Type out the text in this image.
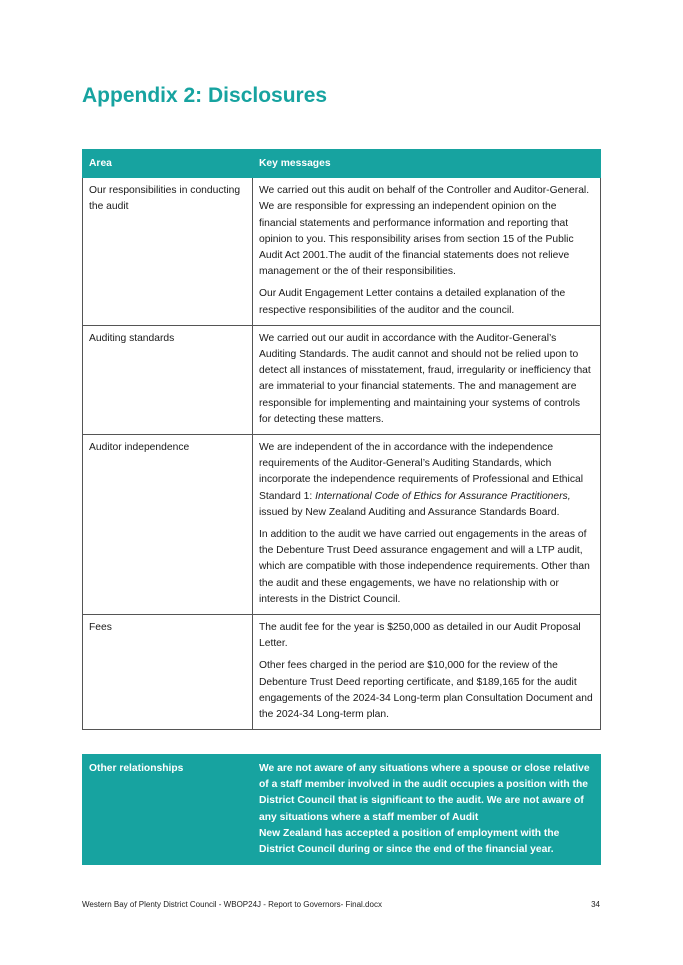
Appendix 2: Disclosures
Area	Key messages
Our responsibilities in conducting the audit	We carried out this audit on behalf of the Controller and Auditor-General. We are responsible for expressing an independent opinion on the financial statements and performance information and reporting that opinion to you. This responsibility arises from section 15 of the Public Audit Act 2001.The audit of the financial statements does not relieve management or the of their responsibilities.

Our Audit Engagement Letter contains a detailed explanation of the respective responsibilities of the auditor and the council.

Auditing standards	We carried out our audit in accordance with the Auditor-General’s Auditing Standards. The audit cannot and should not be relied upon to detect all instances of misstatement, fraud, irregularity or inefficiency that are immaterial to your financial statements. The and management are responsible for implementing and maintaining your systems of controls for detecting these matters.

Auditor independence	We are independent of the in accordance with the independence requirements of the Auditor-General’s Auditing Standards, which incorporate the independence requirements of Professional and Ethical Standard 1: International Code of Ethics for Assurance Practitioners, issued by New Zealand Auditing and Assurance Standards Board.

In addition to the audit we have carried out engagements in the areas of the Debenture Trust Deed assurance engagement and will a LTP audit, which are compatible with those independence requirements. Other than the audit and these engagements, we have no relationship with or interests in the District Council.

Fees	The audit fee for the year is $250,000 as detailed in our Audit Proposal Letter.

Other fees charged in the period are $10,000 for the review of the Debenture Trust Deed reporting certificate, and $189,165 for the audit engagements of the 2024-34 Long-term plan Consultation Document and the 2024-34 Long-term plan.

Other relationships	We are not aware of any situations where a spouse or close relative of a staff member involved in the audit occupies a position with the District Council that is significant to the audit. We are not aware of any situations where a staff member of Audit
New Zealand has accepted a position of employment with the District Council during or since the end of the financial year.
Western Bay of Plenty District Council - WBOP24J - Report to Governors- Final.docx	34
